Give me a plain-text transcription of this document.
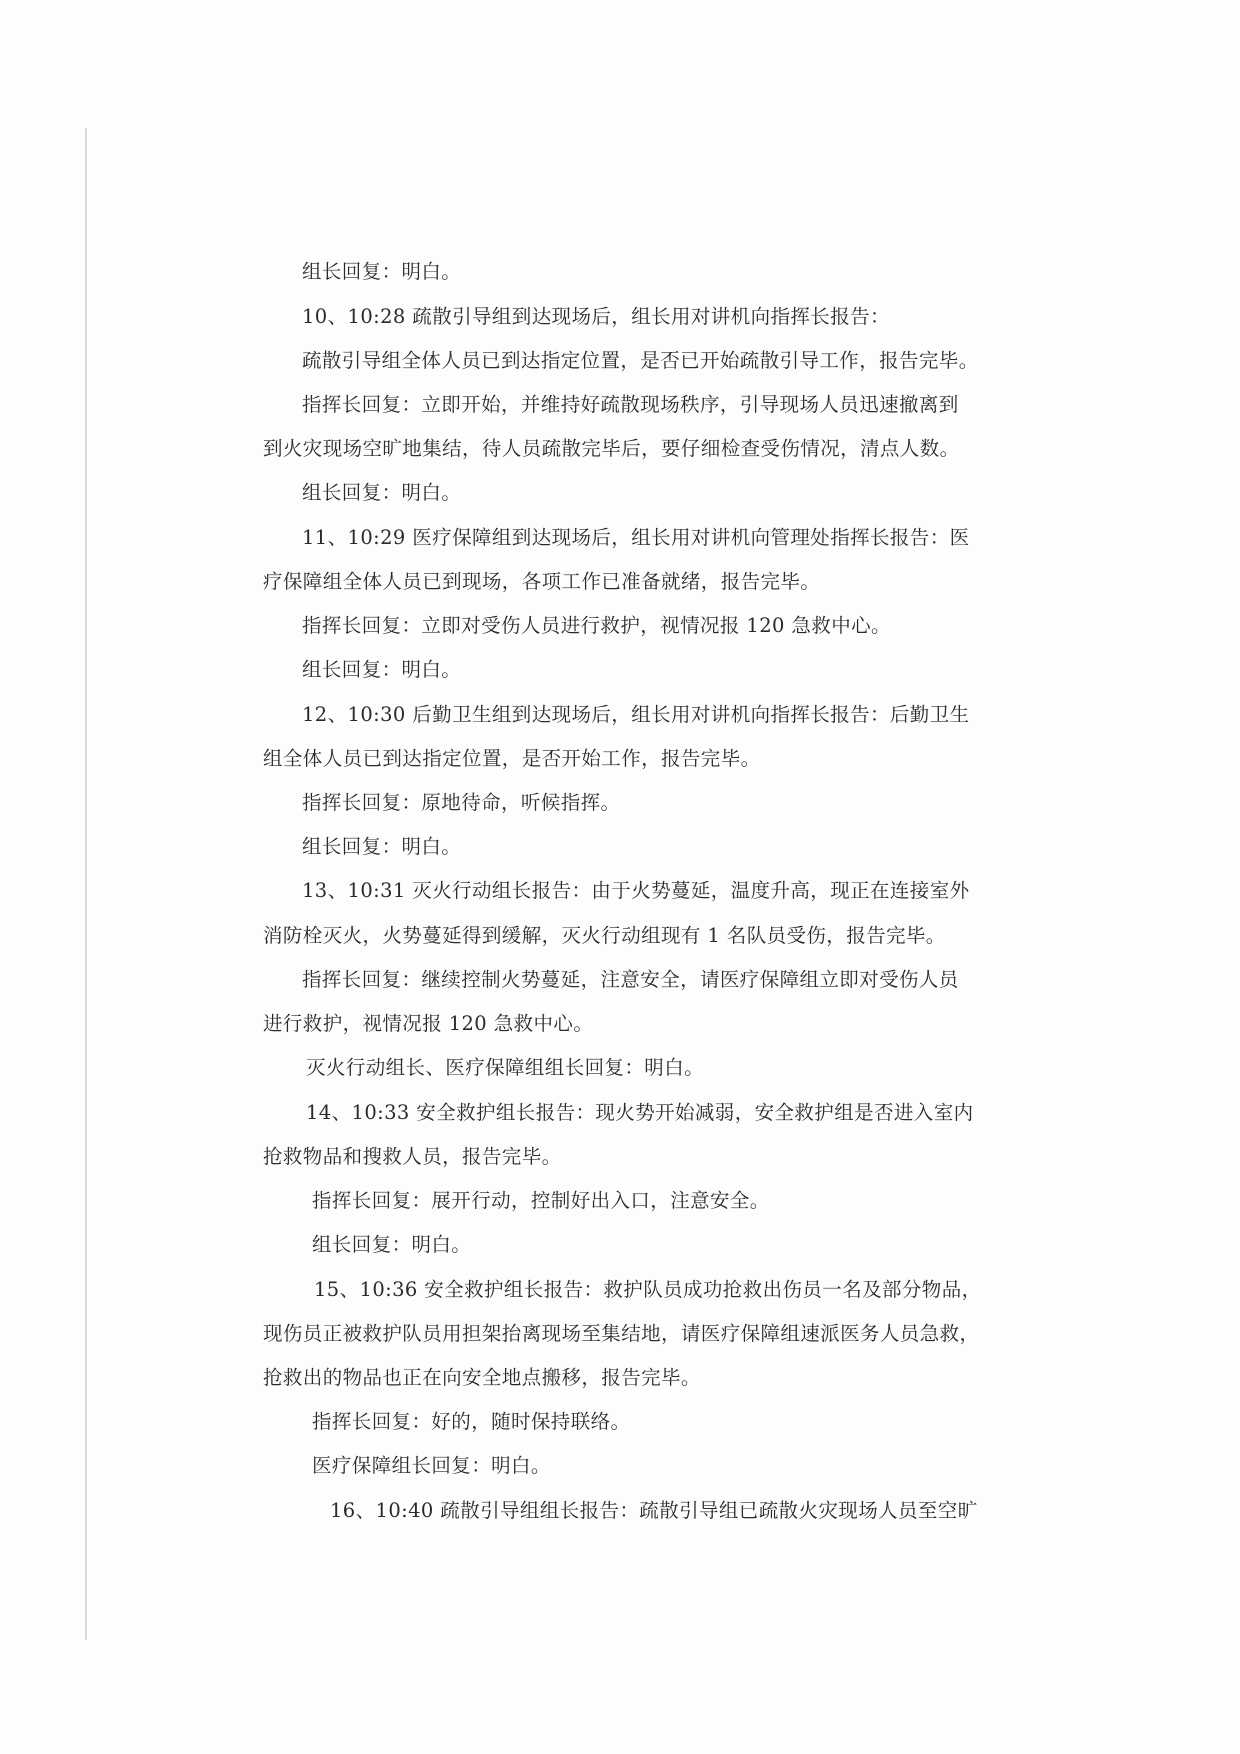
组长回复：明白。
10、10:28 疏散引导组到达现场后，组长用对讲机向指挥长报告：
疏散引导组全体人员已到达指定位置，是否已开始疏散引导工作，报告完毕。
指挥长回复：立即开始，并维持好疏散现场秩序，引导现场人员迅速撤离到
到火灾现场空旷地集结，待人员疏散完毕后，要仔细检查受伤情况，清点人数。
组长回复：明白。
11、10:29 医疗保障组到达现场后，组长用对讲机向管理处指挥长报告：医
疗保障组全体人员已到现场，各项工作已准备就绪，报告完毕。
指挥长回复：立即对受伤人员进行救护，视情况报 120 急救中心。
组长回复：明白。
12、10:30 后勤卫生组到达现场后，组长用对讲机向指挥长报告：后勤卫生
组全体人员已到达指定位置，是否开始工作，报告完毕。
指挥长回复：原地待命，听候指挥。
组长回复：明白。
13、10:31 灭火行动组长报告：由于火势蔓延，温度升高，现正在连接室外
消防栓灭火，火势蔓延得到缓解，灭火行动组现有 1 名队员受伤，报告完毕。
指挥长回复：继续控制火势蔓延，注意安全，请医疗保障组立即对受伤人员
进行救护，视情况报 120 急救中心。
灭火行动组长、医疗保障组组长回复：明白。
14、10:33 安全救护组长报告：现火势开始减弱，安全救护组是否进入室内
抢救物品和搜救人员，报告完毕。
指挥长回复：展开行动，控制好出入口，注意安全。
组长回复：明白。
15、10:36 安全救护组长报告：救护队员成功抢救出伤员一名及部分物品，
现伤员正被救护队员用担架抬离现场至集结地，请医疗保障组速派医务人员急救，
抢救出的物品也正在向安全地点搬移，报告完毕。
指挥长回复：好的，随时保持联络。
医疗保障组长回复：明白。
16、10:40 疏散引导组组长报告：疏散引导组已疏散火灾现场人员至空旷
